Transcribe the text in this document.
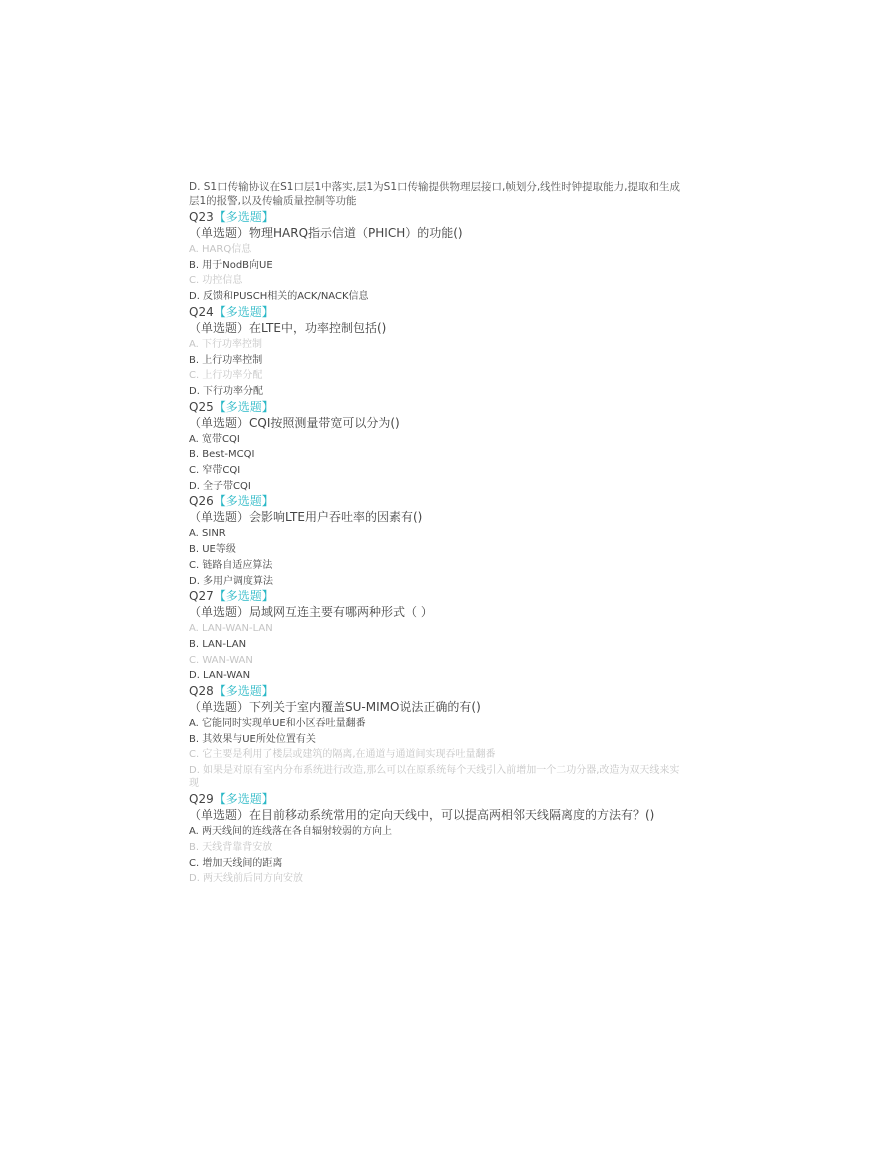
D. S1口传输协议在S1口层1中落实,层1为S1口传输提供物理层接口,帧划分,线性时钟提取能力,提取和生成层1的报警,以及传输质量控制等功能
Q23【多选题】
（单选题）物理HARQ指示信道（PHICH）的功能()
A. HARQ信息
B. 用于NodB向UE
C. 功控信息
D. 反馈和PUSCH相关的ACK/NACK信息
Q24【多选题】
（单选题）在LTE中，功率控制包括()
A. 下行功率控制
B. 上行功率控制
C. 上行功率分配
D. 下行功率分配
Q25【多选题】
（单选题）CQI按照测量带宽可以分为()
A. 宽带CQI
B. Best-MCQI
C. 窄带CQI
D. 全子带CQI
Q26【多选题】
（单选题）会影响LTE用户吞吐率的因素有()
A. SINR
B. UE等级
C. 链路自适应算法
D. 多用户调度算法
Q27【多选题】
（单选题）局域网互连主要有哪两种形式（ ）
A. LAN-WAN-LAN
B. LAN-LAN
C. WAN-WAN
D. LAN-WAN
Q28【多选题】
（单选题）下列关于室内覆盖SU-MIMO说法正确的有()
A. 它能同时实现单UE和小区吞吐量翻番
B. 其效果与UE所处位置有关
C. 它主要是利用了楼层或建筑的隔离,在通道与通道间实现吞吐量翻番
D. 如果是对原有室内分布系统进行改造,那么可以在原系统每个天线引入前增加一个二功分器,改造为双天线来实现
Q29【多选题】
（单选题）在目前移动系统常用的定向天线中，可以提高两相邻天线隔离度的方法有？()
A. 两天线间的连线落在各自辐射较弱的方向上
B. 天线背靠背安放
C. 增加天线间的距离
D. 两天线前后同方向安放
